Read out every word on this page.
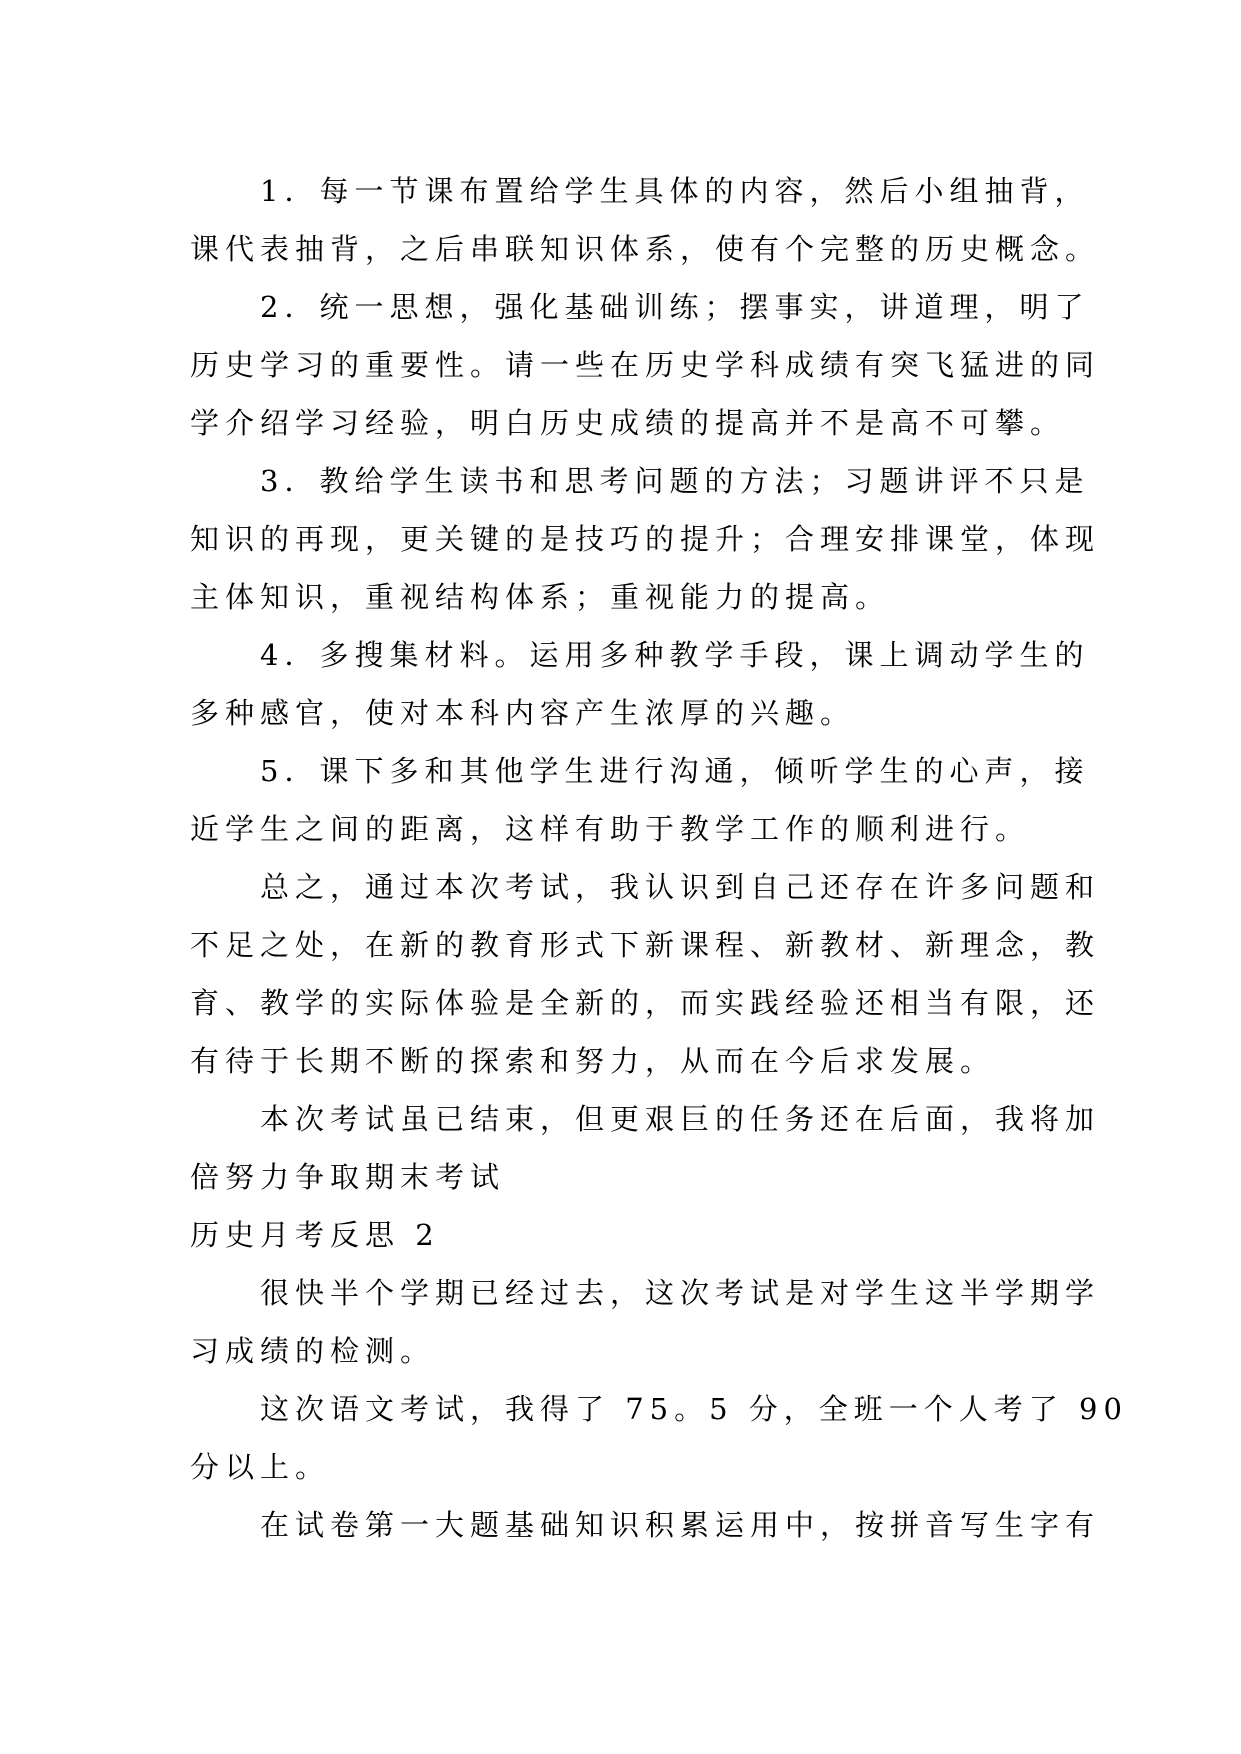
1．每一节课布置给学生具体的内容，然后小组抽背，
课代表抽背，之后串联知识体系，使有个完整的历史概念。
2．统一思想，强化基础训练；摆事实，讲道理，明了
历史学习的重要性。请一些在历史学科成绩有突飞猛进的同
学介绍学习经验，明白历史成绩的提高并不是高不可攀。
3．教给学生读书和思考问题的方法；习题讲评不只是
知识的再现，更关键的是技巧的提升；合理安排课堂，体现
主体知识，重视结构体系；重视能力的提高。
4．多搜集材料。运用多种教学手段，课上调动学生的
多种感官，使对本科内容产生浓厚的兴趣。
5．课下多和其他学生进行沟通，倾听学生的心声，接
近学生之间的距离，这样有助于教学工作的顺利进行。
总之，通过本次考试，我认识到自己还存在许多问题和
不足之处，在新的教育形式下新课程、新教材、新理念，教
育、教学的实际体验是全新的，而实践经验还相当有限，还
有待于长期不断的探索和努力，从而在今后求发展。
本次考试虽已结束，但更艰巨的任务还在后面，我将加
倍努力争取期末考试
历史月考反思 2
很快半个学期已经过去，这次考试是对学生这半学期学
习成绩的检测。
这次语文考试，我得了 75。5 分，全班一个人考了 90
分以上。
在试卷第一大题基础知识积累运用中，按拼音写生字有
